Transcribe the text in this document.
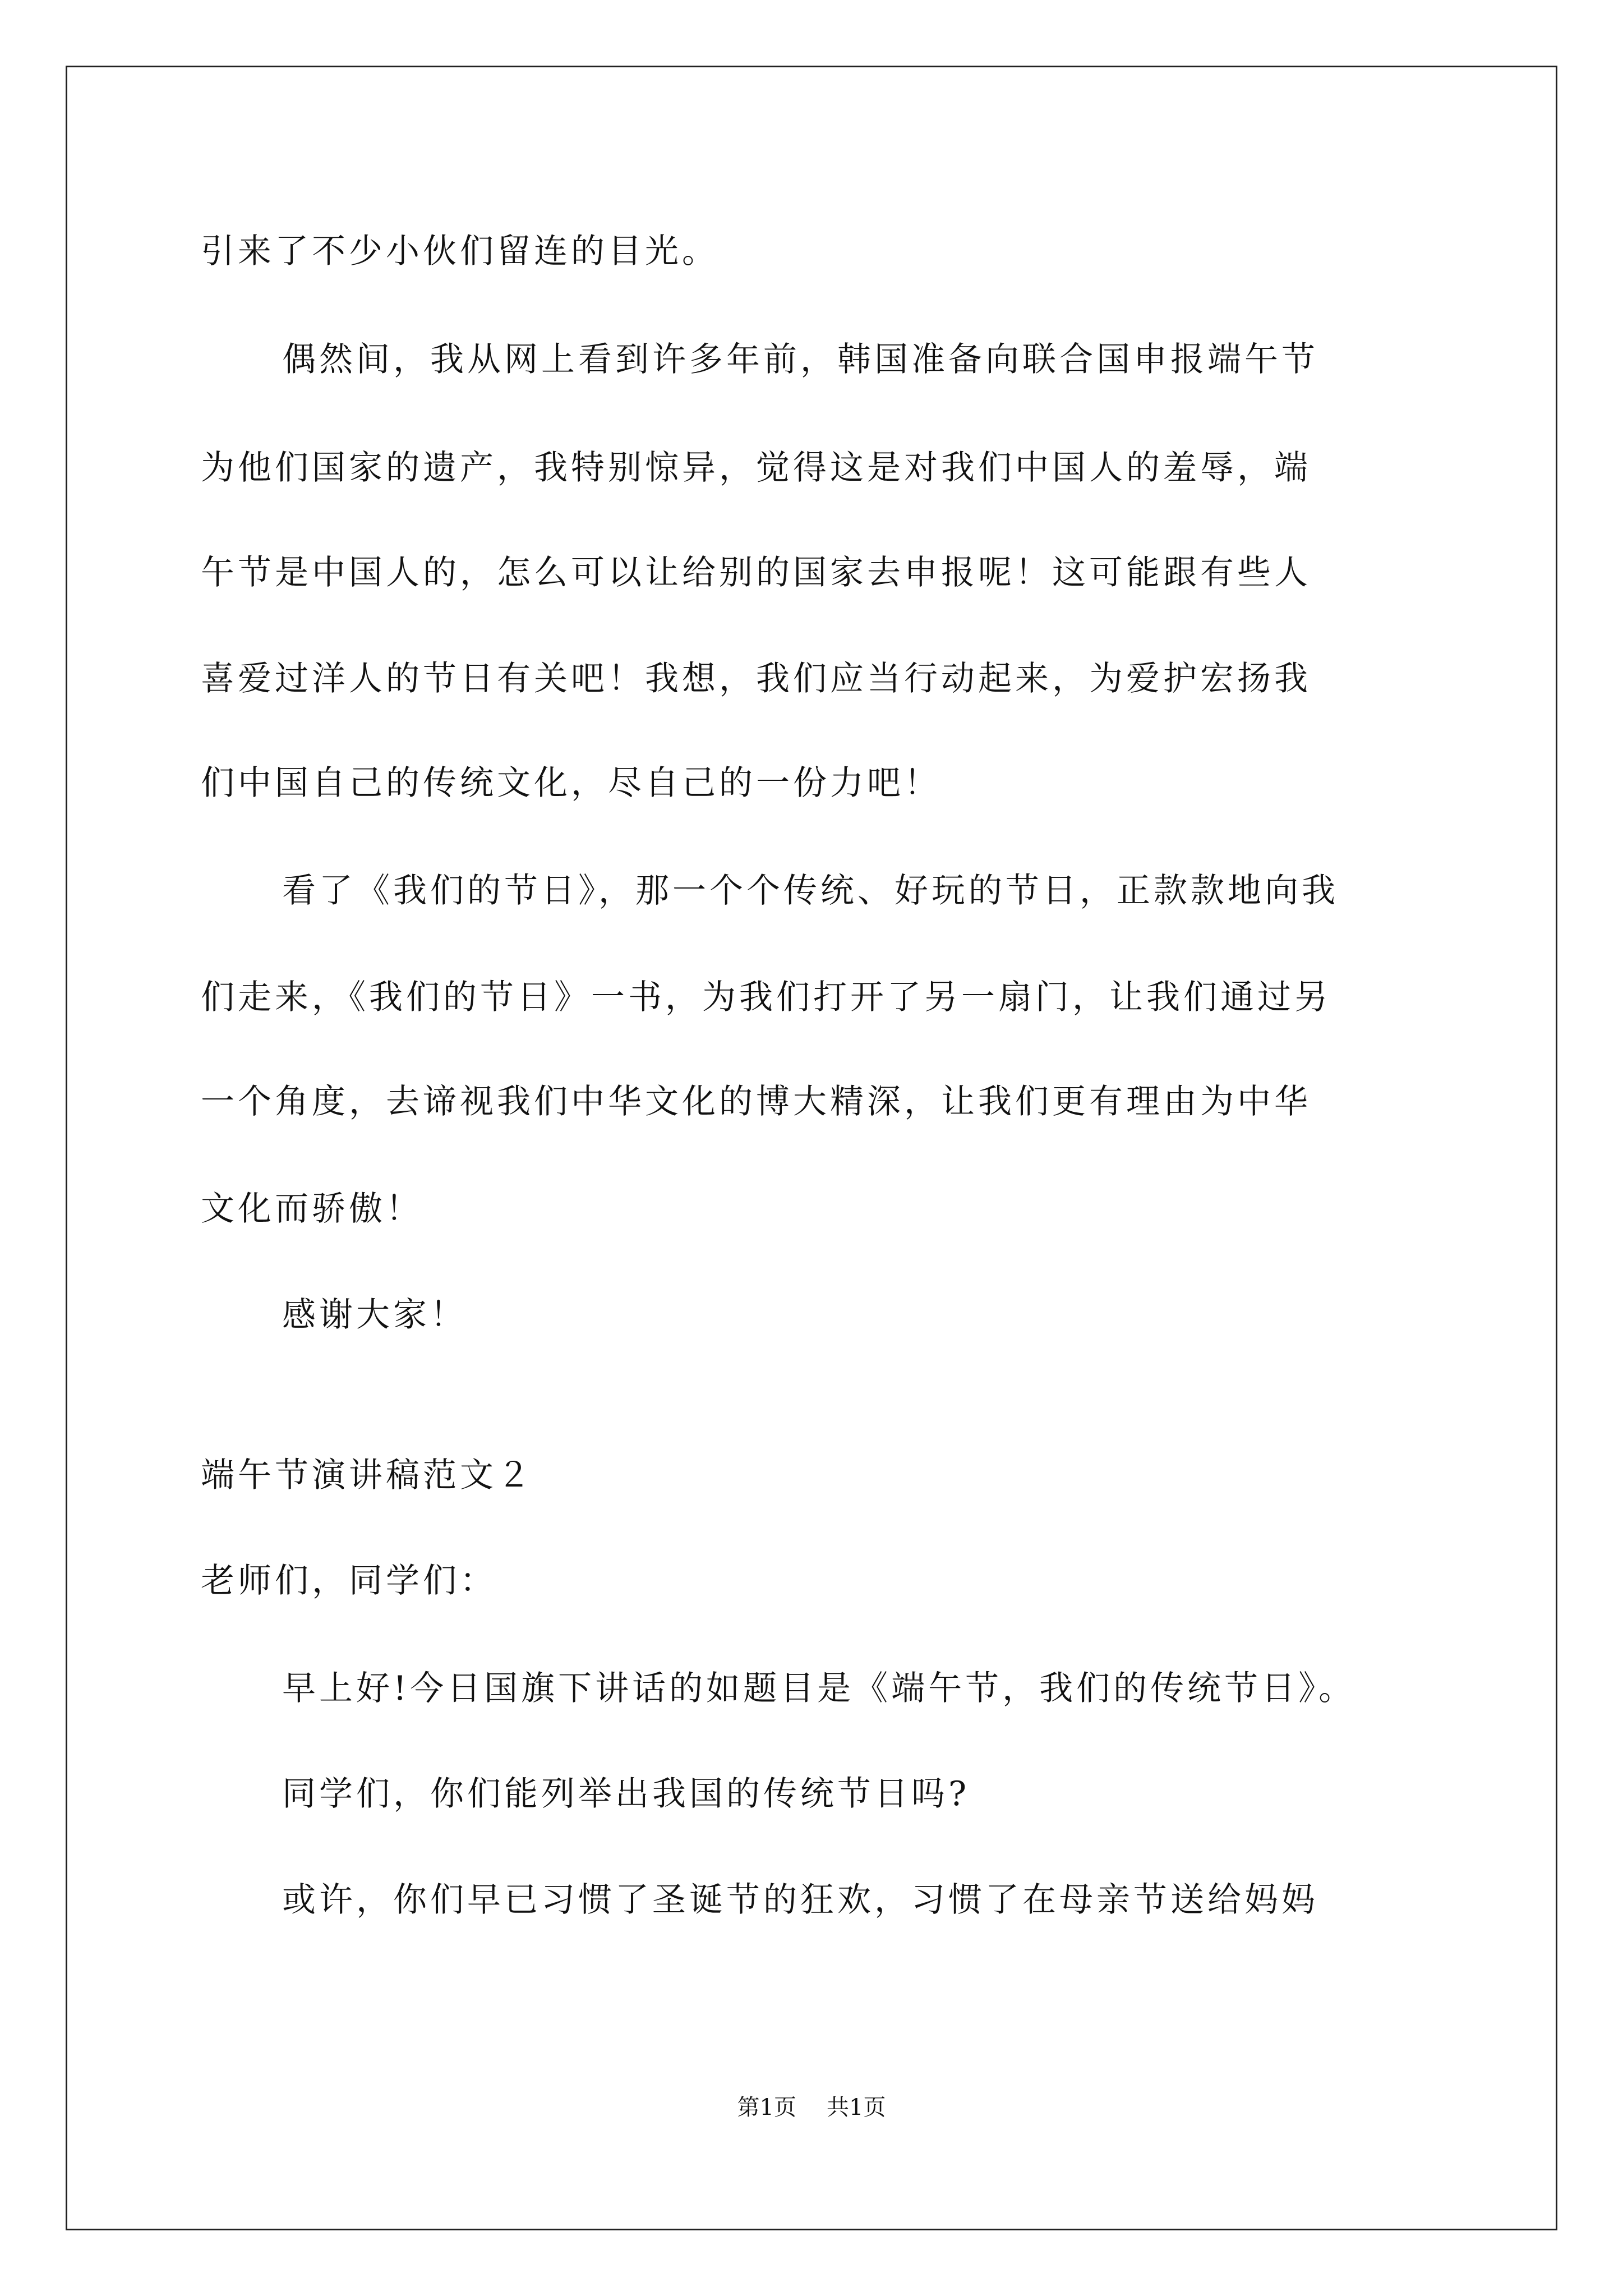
引来了不少小伙们留连的目光。
偶然间，我从网上看到许多年前，韩国准备向联合国申报端午节
为他们国家的遗产，我特别惊异，觉得这是对我们中国人的羞辱，端
午节是中国人的，怎么可以让给别的国家去申报呢！这可能跟有些人
喜爱过洋人的节日有关吧！我想，我们应当行动起来，为爱护宏扬我
们中国自己的传统文化，尽自己的一份力吧！
看了《我们的节日》，那一个个传统、好玩的节日，正款款地向我
们走来，《我们的节日》一书，为我们打开了另一扇门，让我们通过另
一个角度，去谛视我们中华文化的博大精深，让我们更有理由为中华
文化而骄傲！
感谢大家！
端午节演讲稿范文２
老师们，同学们：
早上好!今日国旗下讲话的如题目是《端午节，我们的传统节日》。
同学们，你们能列举出我国的传统节日吗?
或许，你们早已习惯了圣诞节的狂欢，习惯了在母亲节送给妈妈
第1页 共1页
